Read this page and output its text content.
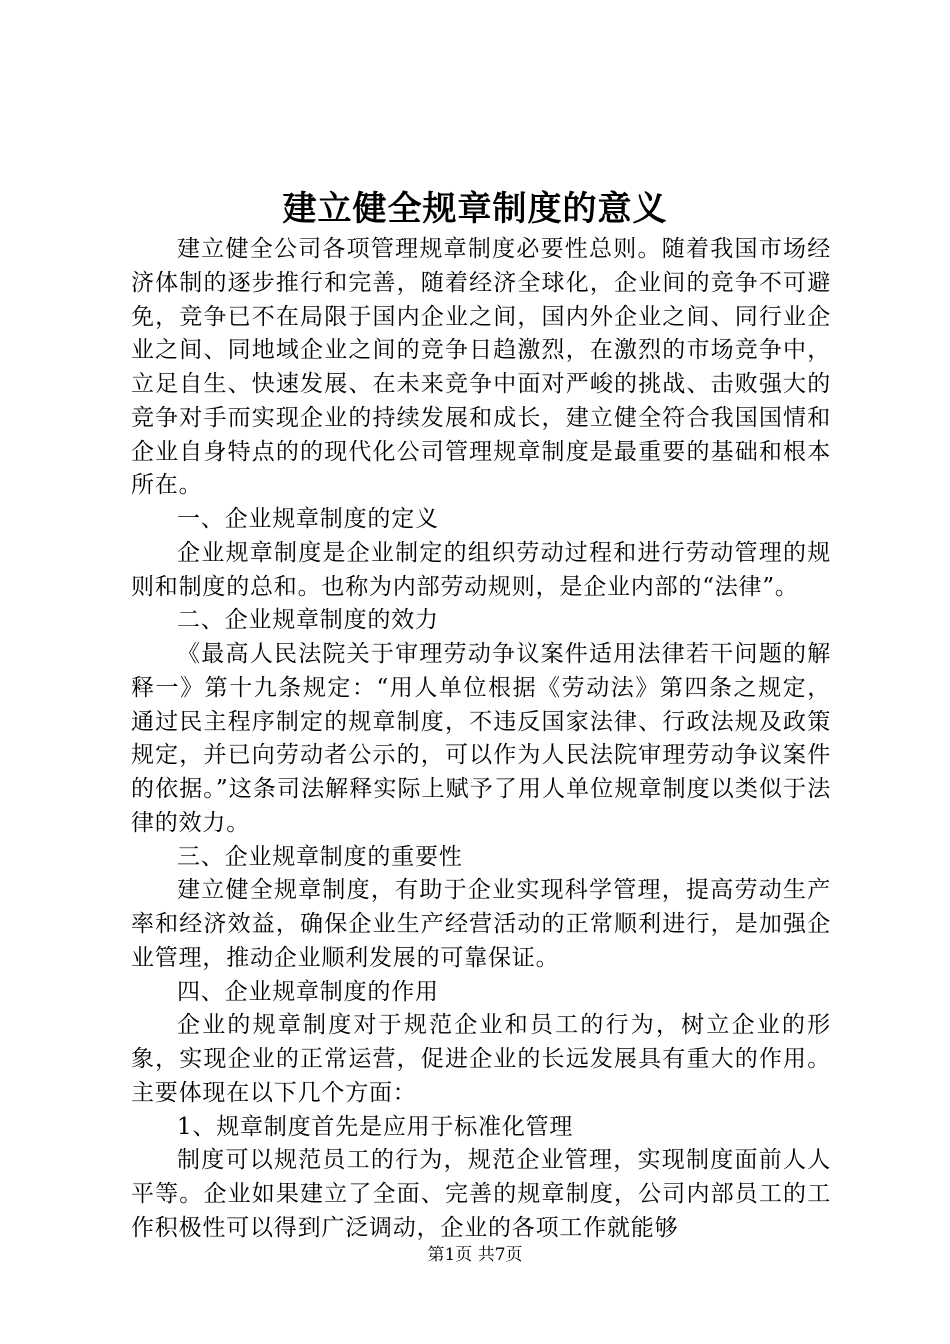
建立健全规章制度的意义

建立健全公司各项管理规章制度必要性总则。随着我国市场经济体制的逐步推行和完善，随着经济全球化，企业间的竞争不可避免，竞争已不在局限于国内企业之间，国内外企业之间、同行业企业之间、同地域企业之间的竞争日趋激烈，在激烈的市场竞争中，立足自生、快速发展、在未来竞争中面对严峻的挑战、击败强大的竞争对手而实现企业的持续发展和成长，建立健全符合我国国情和企业自身特点的的现代化公司管理规章制度是最重要的基础和根本所在。

一、企业规章制度的定义

企业规章制度是企业制定的组织劳动过程和进行劳动管理的规则和制度的总和。也称为内部劳动规则，是企业内部的“法律”。

二、企业规章制度的效力

《最高人民法院关于审理劳动争议案件适用法律若干问题的解释一》第十九条规定：“用人单位根据《劳动法》第四条之规定，通过民主程序制定的规章制度，不违反国家法律、行政法规及政策规定，并已向劳动者公示的，可以作为人民法院审理劳动争议案件的依据。”这条司法解释实际上赋予了用人单位规章制度以类似于法律的效力。

三、企业规章制度的重要性

建立健全规章制度，有助于企业实现科学管理，提高劳动生产率和经济效益，确保企业生产经营活动的正常顺利进行，是加强企业管理，推动企业顺利发展的可靠保证。

四、企业规章制度的作用

企业的规章制度对于规范企业和员工的行为，树立企业的形象，实现企业的正常运营，促进企业的长远发展具有重大的作用。主要体现在以下几个方面：

1、规章制度首先是应用于标准化管理

制度可以规范员工的行为，规范企业管理，实现制度面前人人平等。企业如果建立了全面、完善的规章制度，公司内部员工的工作积极性可以得到广泛调动，企业的各项工作就能够

第1页 共7页
